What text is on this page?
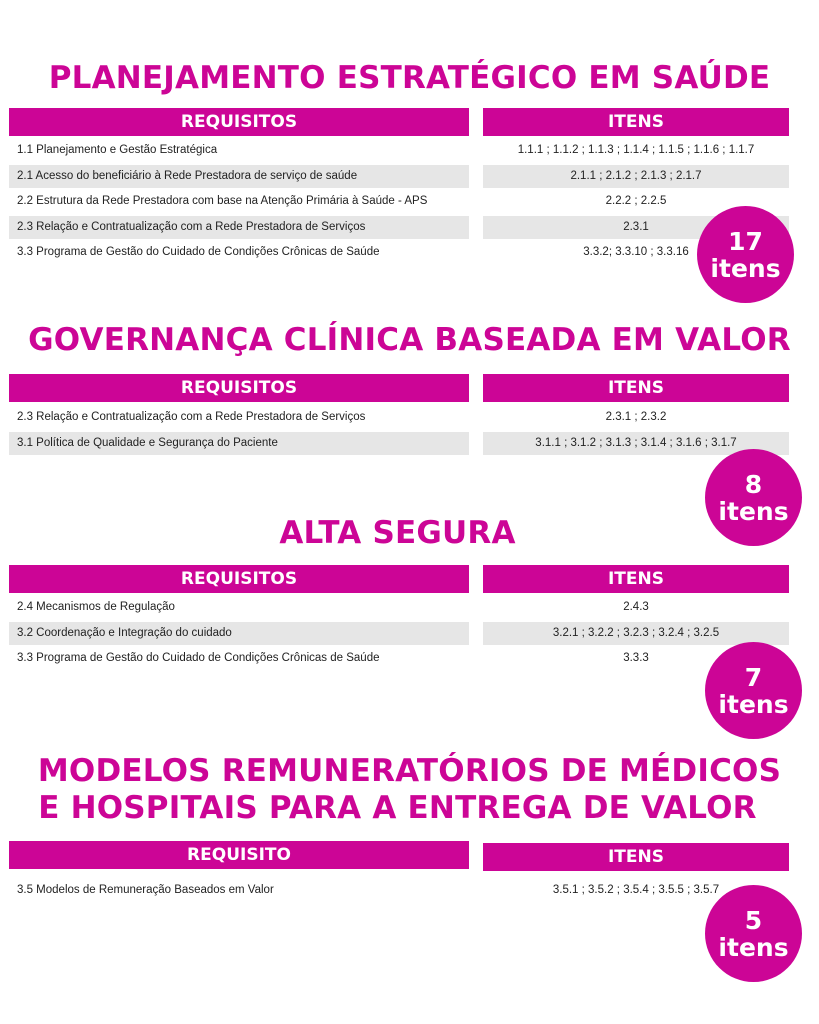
PLANEJAMENTO ESTRATÉGICO EM SAÚDE
REQUISITOS	ITENS
1.1 Planejamento e Gestão Estratégica	1.1.1 ; 1.1.2 ; 1.1.3 ; 1.1.4 ; 1.1.5 ; 1.1.6 ; 1.1.7
2.1 Acesso do beneficiário à Rede Prestadora de serviço de saúde	2.1.1 ; 2.1.2 ; 2.1.3 ; 2.1.7
2.2 Estrutura da Rede Prestadora com base na Atenção Primária à Saúde - APS	2.2.2 ; 2.2.5
2.3 Relação e Contratualização com a Rede Prestadora de Serviços	2.3.1
3.3 Programa de Gestão do Cuidado de Condições Crônicas de Saúde	3.3.2; 3.3.10 ; 3.3.16	17
itens
GOVERNANÇA CLÍNICA BASEADA EM VALOR
REQUISITOS	ITENS
2.3 Relação e Contratualização com a Rede Prestadora de Serviços	2.3.1 ; 2.3.2
3.1 Política de Qualidade e Segurança do Paciente	3.1.1 ; 3.1.2 ; 3.1.3 ; 3.1.4 ; 3.1.6 ; 3.1.7
8
itens
ALTA SEGURA
REQUISITOS	ITENS
2.4 Mecanismos de Regulação	2.4.3
3.2 Coordenação e Integração do cuidado	3.2.1 ; 3.2.2 ; 3.2.3 ; 3.2.4 ; 3.2.5
3.3 Programa de Gestão do Cuidado de Condições Crônicas de Saúde	3.3.3
7
itens
MODELOS REMUNERATÓRIOS DE MÉDICOS
E HOSPITAIS PARA A ENTREGA DE VALOR
REQUISITO	ITENS
3.5 Modelos de Remuneração Baseados em Valor	3.5.1 ; 3.5.2 ; 3.5.4 ; 3.5.5 ; 3.5.7
5
itens
